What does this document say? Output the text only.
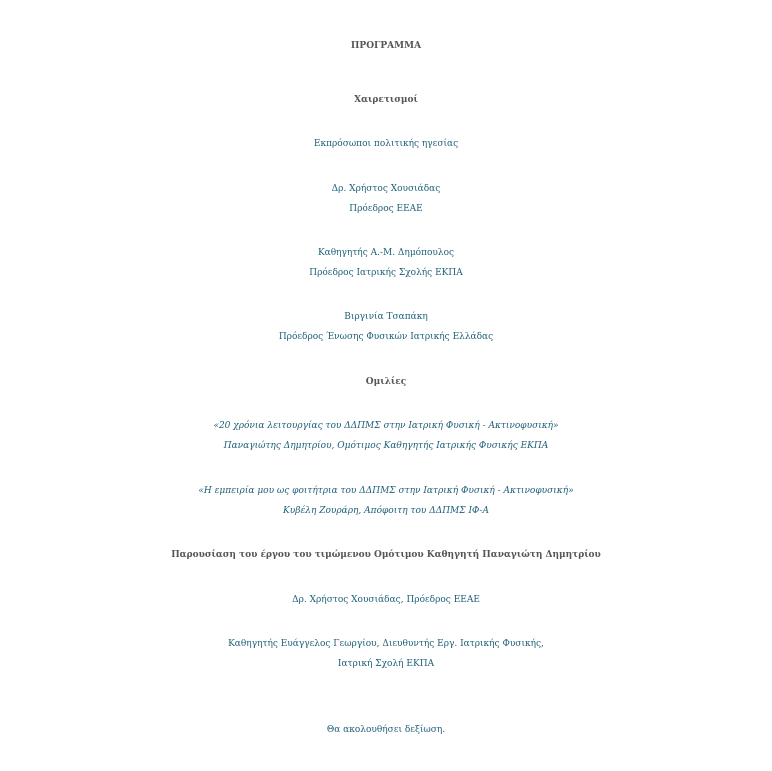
ΠΡΟΓΡΑΜΜΑ
Χαιρετισμοί
Εκπρόσωποι πολιτικής ηγεσίας
Δρ. Χρήστος Χουσιάδας
Πρόεδρος ΕΕΑΕ
Καθηγητής Α.-Μ. Δημόπουλος
Πρόεδρος Ιατρικής Σχολής ΕΚΠΑ
Βιργινία Τσαπάκη
Πρόεδρος Ένωσης Φυσικών Ιατρικής Ελλάδας
Ομιλίες
«20 χρόνια λειτουργίας του ΔΔΠΜΣ στην Ιατρική Φυσική - Ακτινοφυσική»
Παναγιώτης Δημητρίου, Ομότιμος Καθηγητής Ιατρικής Φυσικής ΕΚΠΑ
«Η εμπειρία μου ως φοιτήτρια του ΔΔΠΜΣ στην Ιατρική Φυσική - Ακτινοφυσική»
Κυβέλη Ζουράρη, Απόφοιτη του ΔΔΠΜΣ ΙΦ-Α
Παρουσίαση του έργου του τιμώμενου Ομότιμου Καθηγητή Παναγιώτη Δημητρίου
Δρ. Χρήστος Χουσιάδας, Πρόεδρος ΕΕΑΕ
Καθηγητής Ευάγγελος Γεωργίου, Διευθυντής Εργ. Ιατρικής Φυσικής,
Ιατρική Σχολή ΕΚΠΑ
Θα ακολουθήσει δεξίωση.
